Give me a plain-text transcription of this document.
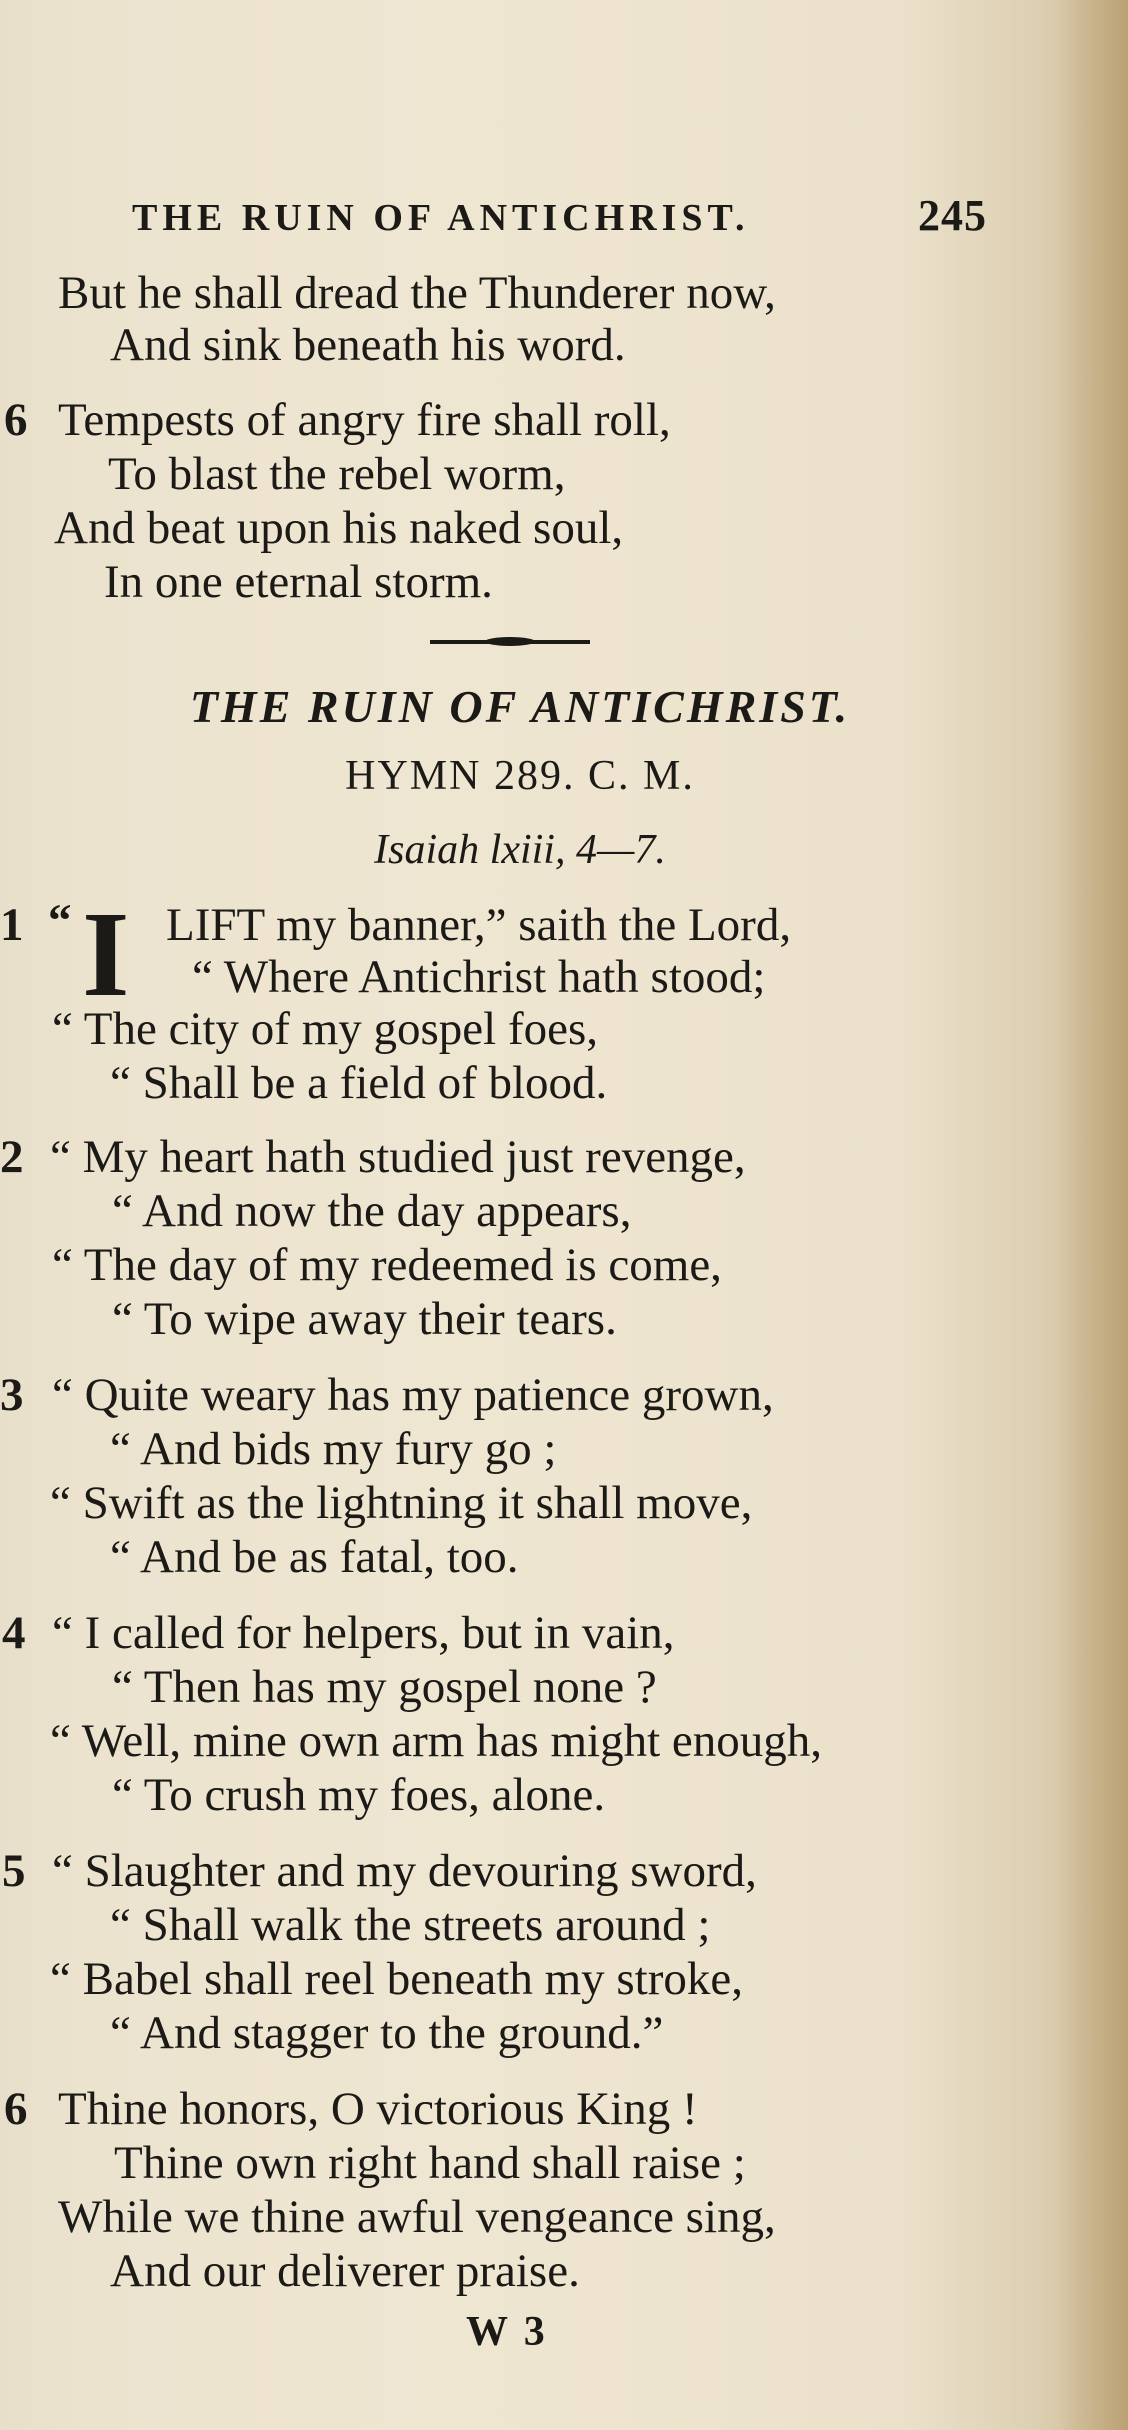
THE RUIN OF ANTICHRIST.	245
But he shall dread the Thunderer now,
And sink beneath his word.
6 Tempests of angry fire shall roll,
To blast the rebel worm,
And beat upon his naked soul,
In one eternal storm.
THE RUIN OF ANTICHRIST.
HYMN 289. C. M.
Isaiah lxiii, 4—7.
1 “ I LIFT my banner,” saith the Lord,
“ Where Antichrist hath stood;
“ The city of my gospel foes,
“ Shall be a field of blood.
2 “ My heart hath studied just revenge,
“ And now the day appears,
“ The day of my redeemed is come,
“ To wipe away their tears.
3 “ Quite weary has my patience grown,
“ And bids my fury go ;
“ Swift as the lightning it shall move,
“ And be as fatal, too.
4 “ I called for helpers, but in vain,
“ Then has my gospel none ?
“ Well, mine own arm has might enough,
“ To crush my foes, alone.
5 “ Slaughter and my devouring sword,
“ Shall walk the streets around ;
“ Babel shall reel beneath my stroke,
“ And stagger to the ground.”
6 Thine honors, O victorious King !
Thine own right hand shall raise ;
While we thine awful vengeance sing,
And our deliverer praise.
W 3
